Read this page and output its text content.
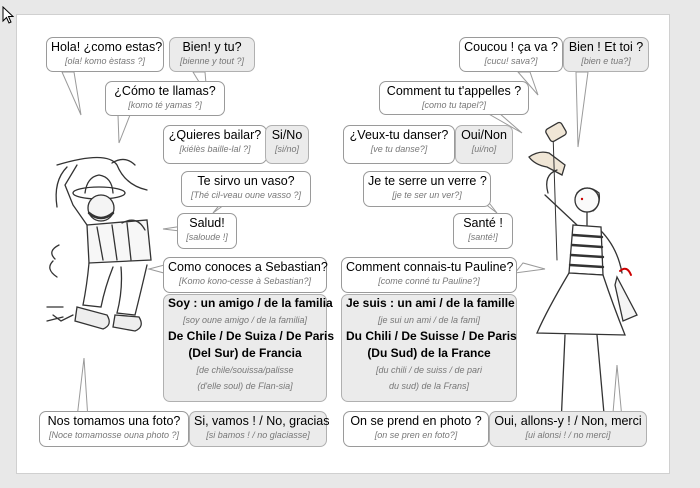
Hola! ¿como estas?
[ola! komo èstass ?]
Bien! y tu?
[bienne y tout ?]
¿Cómo te llamas?
[komo té yamas ?]
¿Quieres bailar?
[kiélès baille-lal ?]
Si/No
[si/no]
Te sirvo un vaso?
[Thé cil-veau oune vasso ?]
Salud!
[saloude !]
Como conoces a Sebastian?
[Komo kono-cesse à Sebastian?]
Soy : un amigo / de la familia
[soy oune amigo / de la familia]
De Chile / De Suiza / De Paris
(Del Sur) de Francia
[de chile/souissa/palisse
(d'elle soul) de Flan-sia]
Nos tomamos una foto?
[Noce tomamosse ouna photo ?]
Si, vamos ! / No, gracias
[si bamos ! / no glaciasse]
Coucou ! ça va ?
[cucu! sava?]
Bien ! Et toi ?
[bien e tua?]
Comment tu t'appelles ?
[como tu tapel?]
¿Veux-tu danser?
[ve tu danse?]
Oui/Non
[ui/no]
Je te serre un verre ?
[je te ser un ver?]
Santé !
[santé!]
Comment connais-tu Pauline?
[come conné tu Pauline?]
Je suis : un ami / de la famille
[je sui un ami / de la fami]
Du Chili / De Suisse / De Paris
(Du Sud) de la France
[du chili / de suiss / de pari
du sud) de la Frans]
On se prend en photo ?
[on se pren en foto?]
Oui, allons-y ! / Non, merci
[ui alonsi ! / no merci]
